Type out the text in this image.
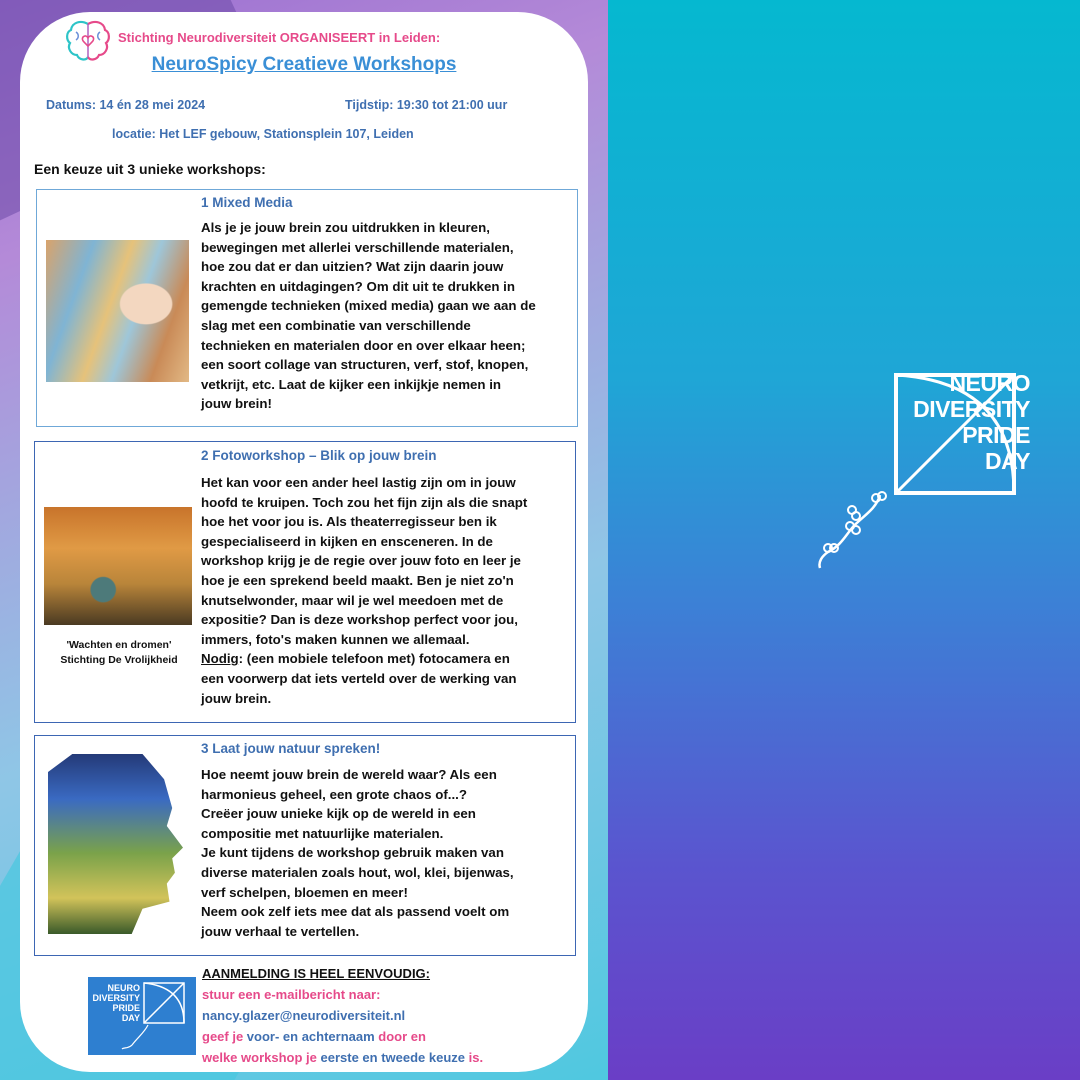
Stichting Neurodiversiteit ORGANISEERT in Leiden:
NeuroSpicy Creatieve Workshops
Datums: 14 én 28 mei 2024	Tijdstip: 19:30 tot 21:00 uur
locatie: Het LEF gebouw, Stationsplein 107, Leiden
Een keuze uit 3 unieke workshops:
1 Mixed Media
Als je je jouw brein zou uitdrukken in kleuren,
bewegingen met allerlei verschillende materialen,
hoe zou dat er dan uitzien? Wat zijn daarin jouw
krachten en uitdagingen? Om dit uit te drukken in
gemengde technieken (mixed media) gaan we aan de
slag met een combinatie van verschillende
technieken en materialen door en over elkaar heen;
een soort collage van structuren, verf, stof, knopen,
vetkrijt, etc. Laat de kijker een inkijkje nemen in
jouw brein!
2 Fotoworkshop – Blik op jouw brein
'Wachten en dromen'
Stichting De Vrolijkheid
Het kan voor een ander heel lastig zijn om in jouw
hoofd te kruipen. Toch zou het fijn zijn als die snapt
hoe het voor jou is. Als theaterregisseur ben ik
gespecialiseerd in kijken en ensceneren. In de
workshop krijg je de regie over jouw foto en leer je
hoe je een sprekend beeld maakt. Ben je niet zo'n
knutselwonder, maar wil je wel meedoen met de
expositie? Dan is deze workshop perfect voor jou,
immers, foto's maken kunnen we allemaal.
Nodig: (een mobiele telefoon met) fotocamera en
een voorwerp dat iets verteld over de werking van
jouw brein.
3 Laat jouw natuur spreken!
Hoe neemt jouw brein de wereld waar? Als een
harmonieus geheel, een grote chaos of...?
Creëer jouw unieke kijk op de wereld in een
compositie met natuurlijke materialen.
Je kunt tijdens de workshop gebruik maken van
diverse materialen zoals hout, wol, klei, bijenwas,
verf schelpen, bloemen en meer!
Neem ook zelf iets mee dat als passend voelt om
jouw verhaal te vertellen.
NEURO
DIVERSITY
PRIDE
DAY
AANMELDING IS HEEL EENVOUDIG:
stuur een e-mailbericht naar:
nancy.glazer@neurodiversiteit.nl
geef je voor- en achternaam door en
welke workshop je eerste en tweede keuze is.
NEURO
DIVERSITY
PRIDE
DAY
